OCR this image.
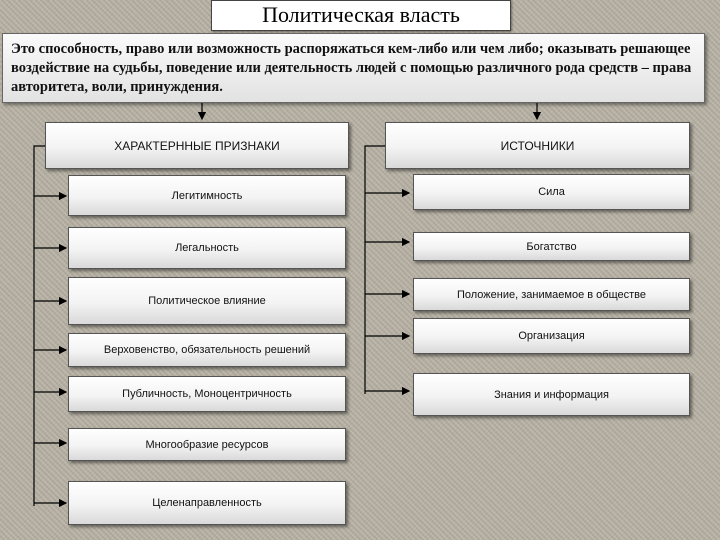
Политическая власть
Это способность, право или возможность распоряжаться кем-либо или чем либо; оказывать решающее воздействие на судьбы, поведение или деятельность людей с помощью различного рода средств – права авторитета, воли, принуждения.
ХАРАКТЕРННЫЕ ПРИЗНАКИ
Легитимность
Легальность
Политическое влияние
Верховенство, обязательность решений
Публичность, Моноцентричность
Многообразие ресурсов
Целенаправленность
ИСТОЧНИКИ
Сила
Богатство
Положение, занимаемое в обществе
Организация
Знания и информация
